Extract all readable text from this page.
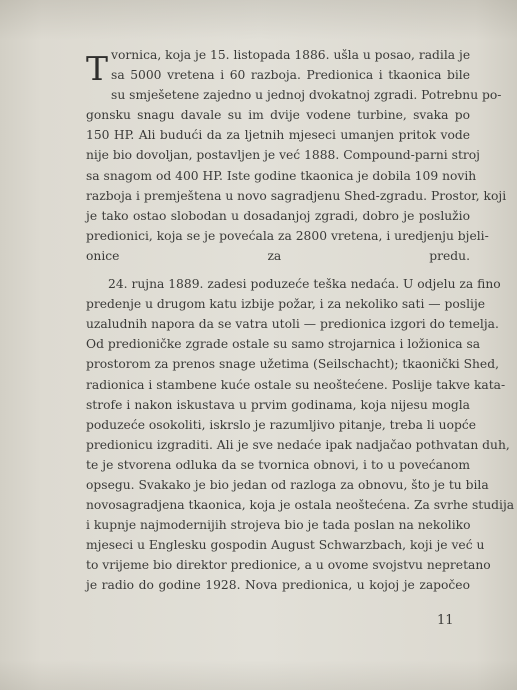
T vornica, koja je 15. listopada 1886. ušla u posao, radila je
sa 5000 vretena i 60 razboja. Predionica i tkaonica bile
su smješetene zajedno u jednoj dvokatnoj zgradi. Potrebnu po-
gonsku snagu davale su im dvije vodene turbine, svaka po
150 HP. Ali budući da za ljetnih mjeseci umanjen pritok vode
nije bio dovoljan, postavljen je već 1888. Compound-parni stroj
sa snagom od 400 HP. Iste godine tkaonica je dobila 109 novih
razboja i premještena u novo sagradjenu Shed-zgradu. Prostor, koji
je tako ostao slobodan u dosadanjoj zgradi, dobro je poslužio
predionici, koja se je povećala za 2800 vretena, i uredjenju bjeli-
onice za predu.
24. rujna 1889. zadesi poduzeće teška nedaća. U odjelu za fino
predenje u drugom katu izbije požar, i za nekoliko sati — poslije
uzaludnih napora da se vatra utoli — predionica izgori do temelja.
Od predioničke zgrade ostale su samo strojarnica i ložionica sa
prostorom za prenos snage užetima (Seilschacht); tkaonički Shed,
radionica i stambene kuće ostale su neoštećene. Poslije takve kata-
strofe i nakon iskustava u prvim godinama, koja nijesu mogla
poduzeće osokoliti, iskrslo je razumljivo pitanje, treba li uopće
predionicu izgraditi. Ali je sve nedaće ipak nadjačao pothvatan duh,
te je stvorena odluka da se tvornica obnovi, i to u povećanom
opsegu. Svakako je bio jedan od razloga za obnovu, što je tu bila
novosagradjena tkaonica, koja je ostala neoštećena. Za svrhe studija
i kupnje najmodernijih strojeva bio je tada poslan na nekoliko
mjeseci u Englesku gospodin August Schwarzbach, koji je već u
to vrijeme bio direktor predionice, a u ovome svojstvu nepretano
je radio do godine 1928. Nova predionica, u kojoj je započeo
11
